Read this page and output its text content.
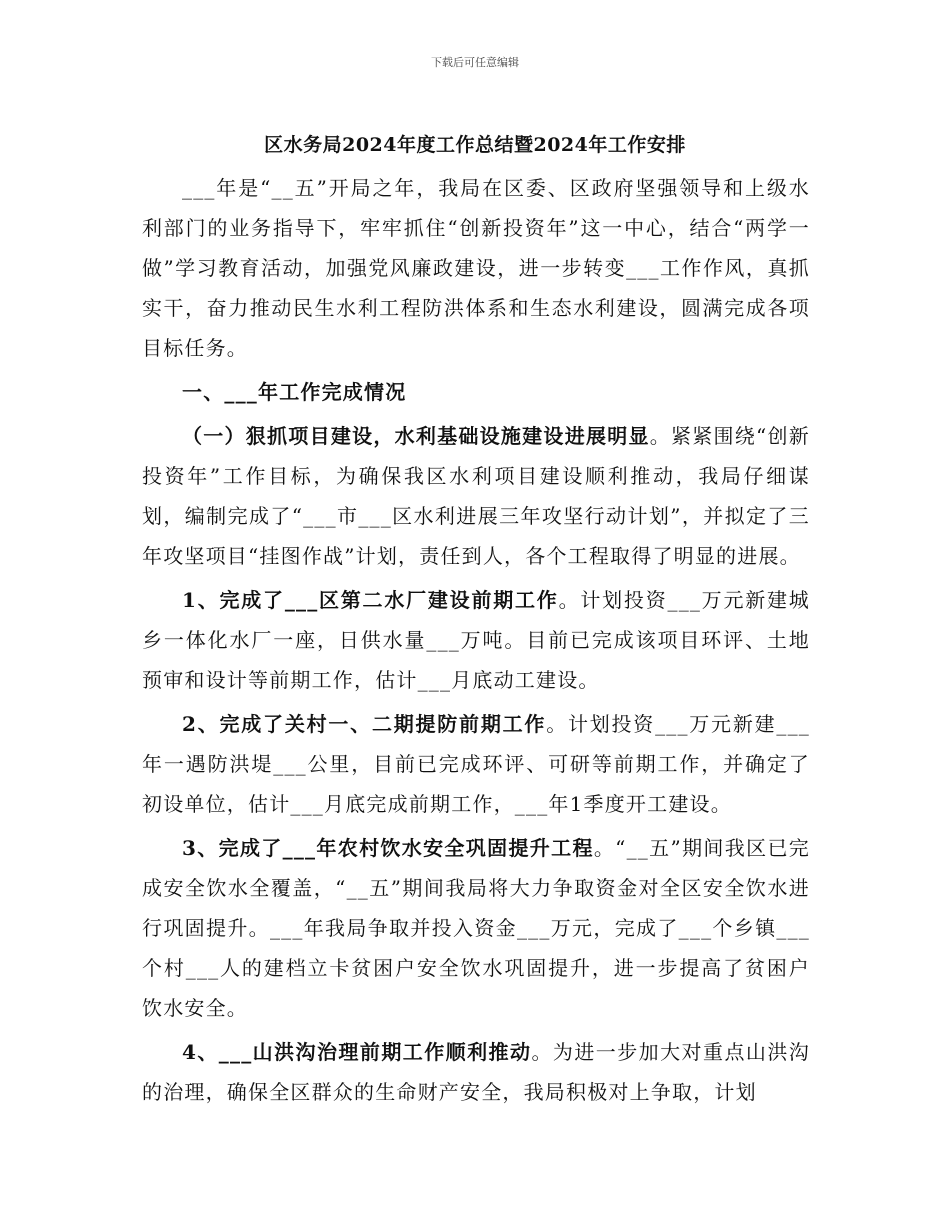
下载后可任意编辑
区水务局2024年度工作总结暨2024年工作安排

___年是“__五”开局之年，我局在区委、区政府坚强领导和上级水利部门的业务指导下，牢牢抓住“创新投资年”这一中心，结合“两学一做”学习教育活动，加强党风廉政建设，进一步转变___工作作风，真抓实干，奋力推动民生水利工程防洪体系和生态水利建设，圆满完成各项目标任务。

一、___年工作完成情况

（一）狠抓项目建设，水利基础设施建设进展明显。紧紧围绕“创新投资年”工作目标，为确保我区水利项目建设顺利推动，我局仔细谋划，编制完成了“___市___区水利进展三年攻坚行动计划”，并拟定了三年攻坚项目“挂图作战”计划，责任到人，各个工程取得了明显的进展。

1、完成了___区第二水厂建设前期工作。计划投资___万元新建城乡一体化水厂一座，日供水量___万吨。目前已完成该项目环评、土地预审和设计等前期工作，估计___月底动工建设。

2、完成了关村一、二期提防前期工作。计划投资___万元新建___年一遇防洪堤___公里，目前已完成环评、可研等前期工作，并确定了初设单位，估计___月底完成前期工作，___年1季度开工建设。

3、完成了___年农村饮水安全巩固提升工程。“__五”期间我区已完成安全饮水全覆盖，“__五”期间我局将大力争取资金对全区安全饮水进行巩固提升。___年我局争取并投入资金___万元，完成了___个乡镇___个村___人的建档立卡贫困户安全饮水巩固提升，进一步提高了贫困户饮水安全。

4、___山洪沟治理前期工作顺利推动。为进一步加大对重点山洪沟的治理，确保全区群众的生命财产安全，我局积极对上争取，计划
